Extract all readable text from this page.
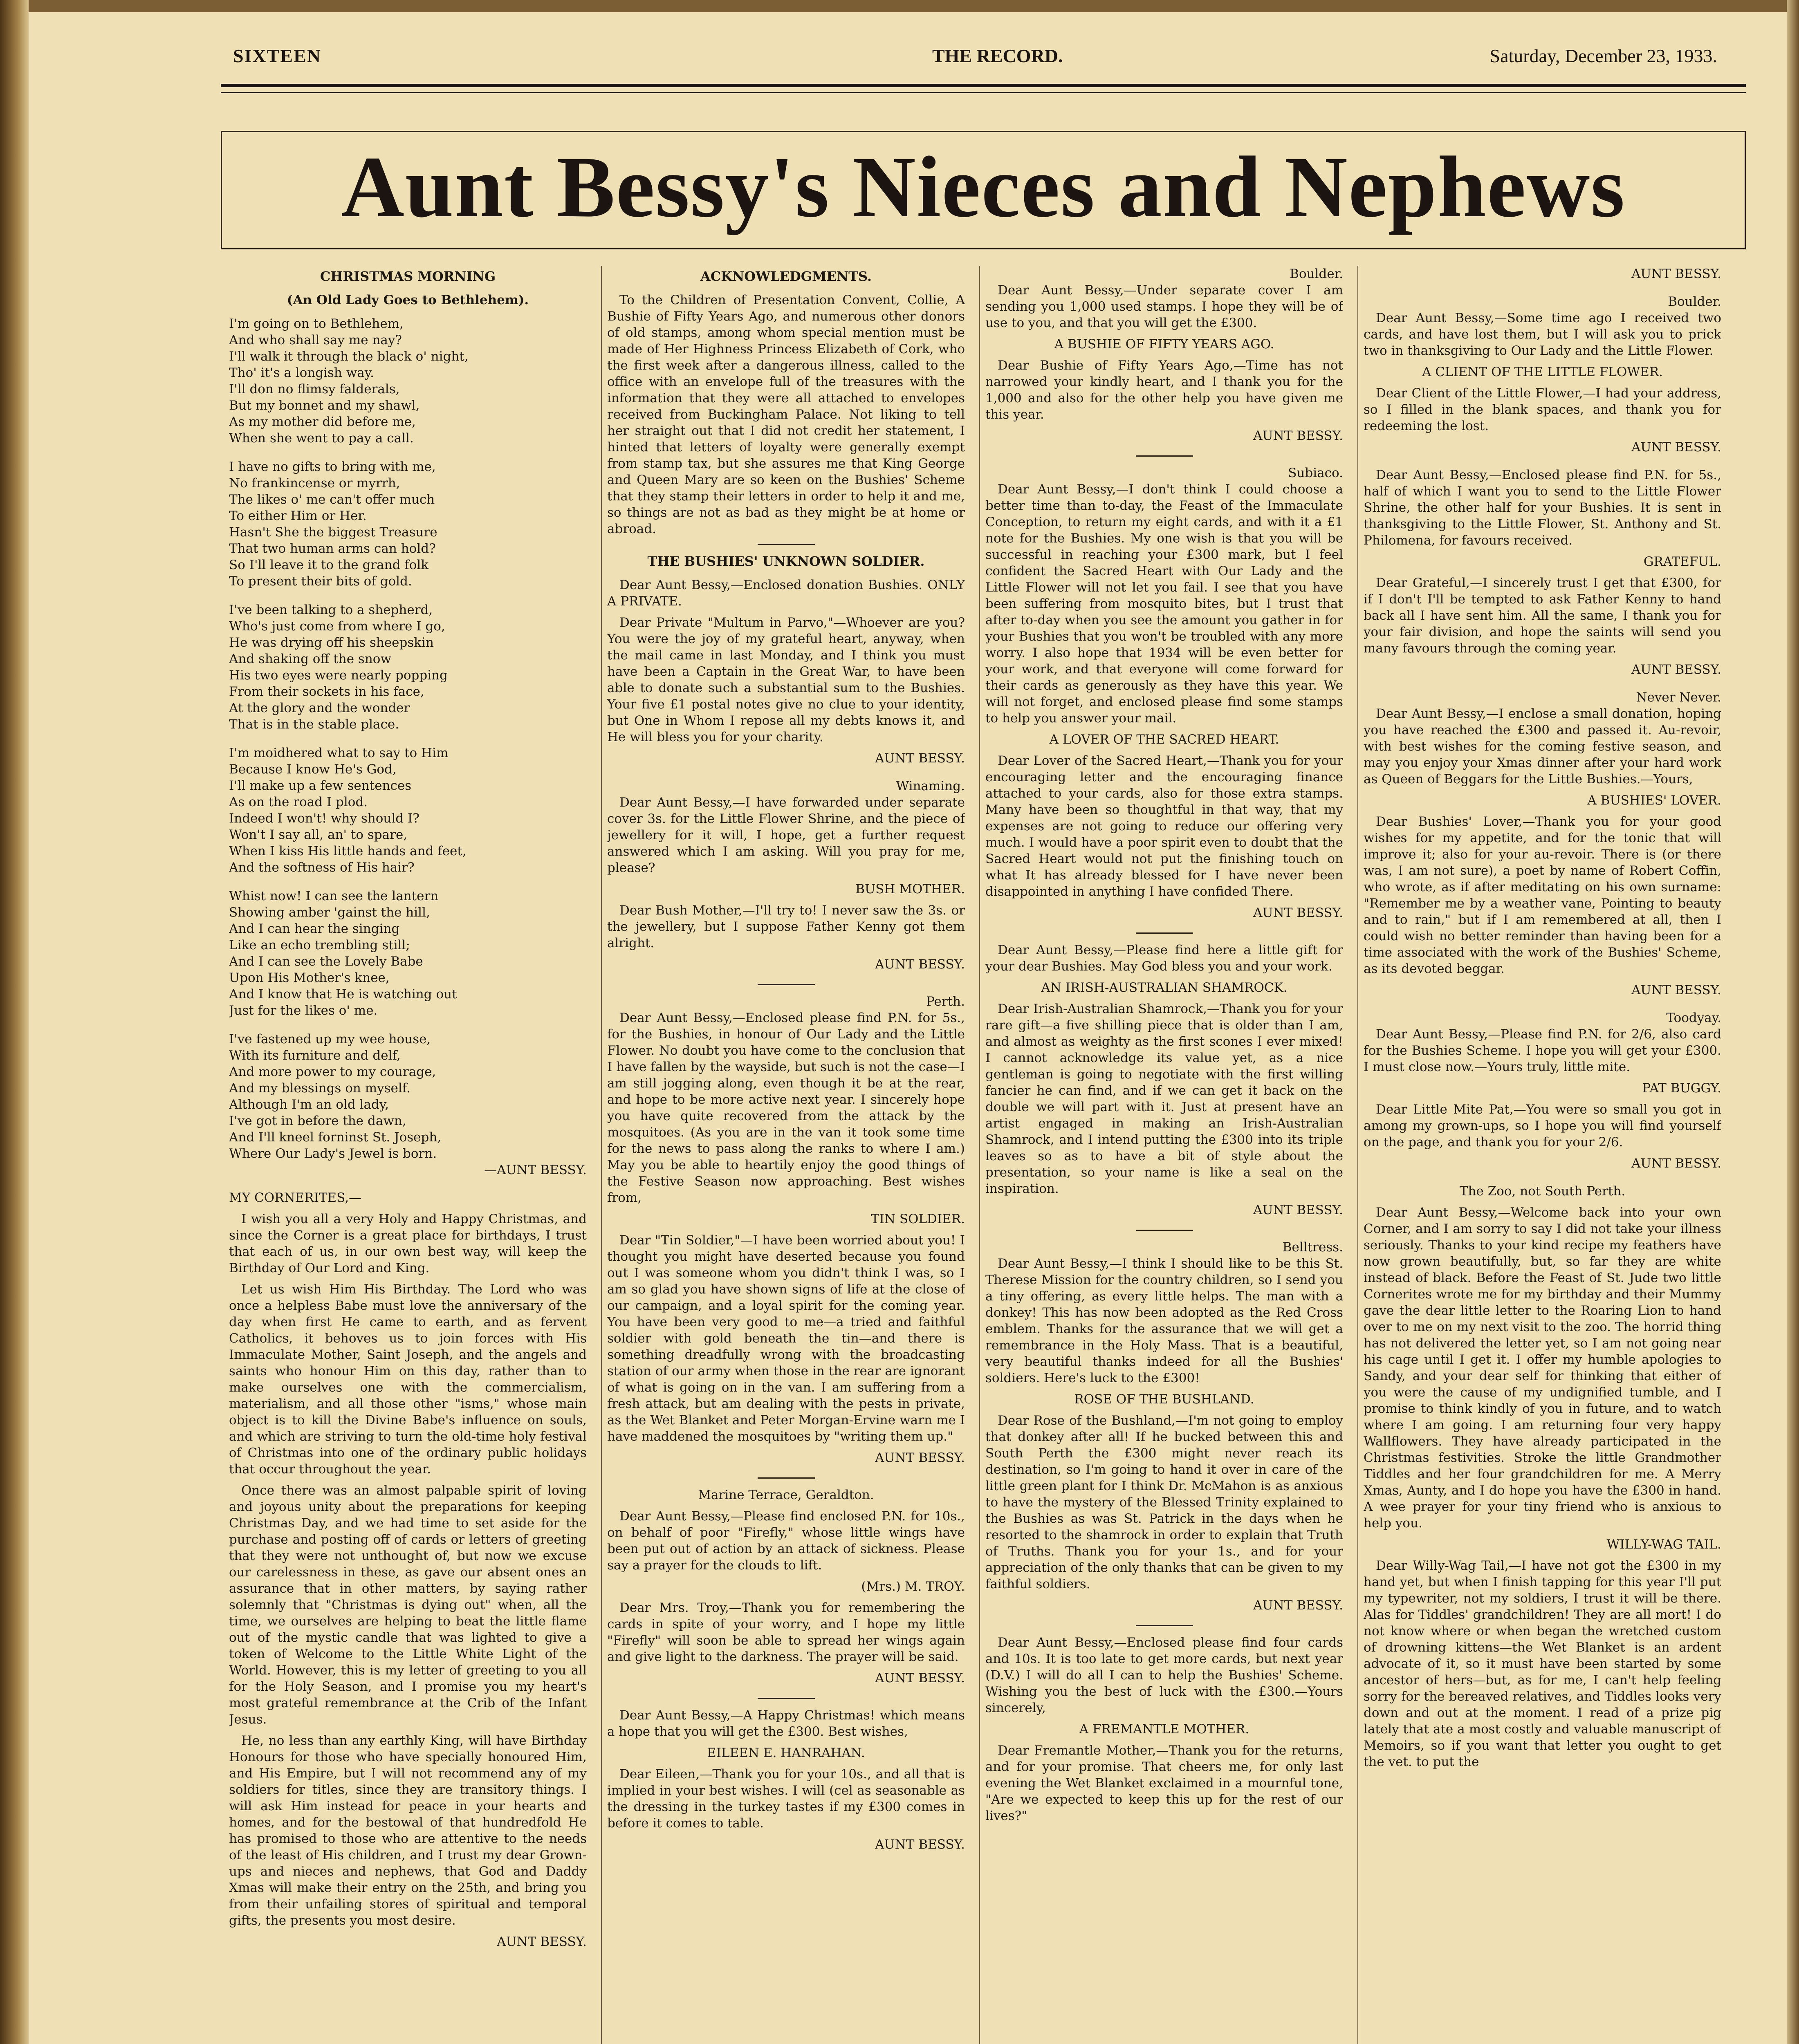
SIXTEEN	THE RECORD.	Saturday, December 23, 1933.
Aunt Bessy's Nieces and Nephews
CHRISTMAS MORNING
(An Old Lady Goes to Bethlehem).
I'm going on to Bethlehem,
And who shall say me nay?
I'll walk it through the black o' night,
Tho' it's a longish way.
I'll don no flimsy falderals,
But my bonnet and my shawl,
As my mother did before me,
When she went to pay a call.
I have no gifts to bring with me,
No frankincense or myrrh,
The likes o' me can't offer much
To either Him or Her.
Hasn't She the biggest Treasure
That two human arms can hold?
So I'll leave it to the grand folk
To present their bits of gold.
I've been talking to a shepherd,
Who's just come from where I go,
He was drying off his sheepskin
And shaking off the snow
His two eyes were nearly popping
From their sockets in his face,
At the glory and the wonder
That is in the stable place.
I'm moidhered what to say to Him
Because I know He's God,
I'll make up a few sentences
As on the road I plod.
Indeed I won't! why should I?
Won't I say all, an' to spare,
When I kiss His little hands and feet,
And the softness of His hair?
Whist now! I can see the lantern
Showing amber 'gainst the hill,
And I can hear the singing
Like an echo trembling still;
And I can see the Lovely Babe
Upon His Mother's knee,
And I know that He is watching out
Just for the likes o' me.
I've fastened up my wee house,
With its furniture and delf,
And more power to my courage,
And my blessings on myself.
Although I'm an old lady,
I've got in before the dawn,
And I'll kneel forninst St. Joseph,
Where Our Lady's Jewel is born.

—AUNT BESSY.

MY CORNERITES,—

I wish you all a very Holy and Happy Christmas, and since the Corner is a great place for birthdays, I trust that each of us, in our own best way, will keep the Birthday of Our Lord and King.

Let us wish Him His Birthday. The Lord who was once a helpless Babe must love the anniversary of the day when first He came to earth, and as fervent Catholics, it behoves us to join forces with His Immaculate Mother, Saint Joseph, and the angels and saints who honour Him on this day, rather than to make ourselves one with the commercialism, materialism, and all those other "isms," whose main object is to kill the Divine Babe's influence on souls, and which are striving to turn the old-time holy festival of Christmas into one of the ordinary public holidays that occur throughout the year.

Once there was an almost palpable spirit of loving and joyous unity about the preparations for keeping Christmas Day, and we had time to set aside for the purchase and posting off of cards or letters of greeting that they were not unthought of, but now we excuse our carelessness in these, as gave our absent ones an assurance that in other matters, by saying rather solemnly that "Christmas is dying out" when, all the time, we ourselves are helping to beat the little flame out of the mystic candle that was lighted to give a token of Welcome to the Little White Light of the World. However, this is my letter of greeting to you all for the Holy Season, and I promise you my heart's most grateful remembrance at the Crib of the Infant Jesus.

He, no less than any earthly King, will have Birthday Honours for those who have specially honoured Him, and His Empire, but I will not recommend any of my soldiers for titles, since they are transitory things. I will ask Him instead for peace in your hearts and homes, and for the bestowal of that hundredfold He has promised to those who are attentive to the needs of the least of His children, and I trust my dear Grown-ups and nieces and nephews, that God and Daddy Xmas will make their entry on the 25th, and bring you from their unfailing stores of spiritual and temporal gifts, the presents you most desire.

AUNT BESSY.

ACKNOWLEDGMENTS.

To the Children of Presentation Convent, Collie, A Bushie of Fifty Years Ago, and numerous other donors of old stamps, among whom special mention must be made of Her Highness Princess Elizabeth of Cork, who the first week after a dangerous illness, called to the office with an envelope full of the treasures with the information that they were all attached to envelopes received from Buckingham Palace. Not liking to tell her straight out that I did not credit her statement, I hinted that letters of loyalty were generally exempt from stamp tax, but she assures me that King George and Queen Mary are so keen on the Bushies' Scheme that they stamp their letters in order to help it and me, so things are not as bad as they might be at home or abroad.

THE BUSHIES' UNKNOWN SOLDIER.

Dear Aunt Bessy,—Enclosed donation Bushies. ONLY A PRIVATE.

Dear Private "Multum in Parvo,"—Whoever are you? You were the joy of my grateful heart, anyway, when the mail came in last Monday, and I think you must have been a Captain in the Great War, to have been able to donate such a substantial sum to the Bushies. Your five £1 postal notes give no clue to your identity, but One in Whom I repose all my debts knows it, and He will bless you for your charity.

AUNT BESSY.

Winaming.

Dear Aunt Bessy,—I have forwarded under separate cover 3s. for the Little Flower Shrine, and the piece of jewellery for it will, I hope, get a further request answered which I am asking. Will you pray for me, please?

BUSH MOTHER.

Dear Bush Mother,—I'll try to! I never saw the 3s. or the jewellery, but I suppose Father Kenny got them alright.

AUNT BESSY.

Perth.

Dear Aunt Bessy,—Enclosed please find P.N. for 5s., for the Bushies, in honour of Our Lady and the Little Flower. No doubt you have come to the conclusion that I have fallen by the wayside, but such is not the case—I am still jogging along, even though it be at the rear, and hope to be more active next year. I sincerely hope you have quite recovered from the attack by the mosquitoes. (As you are in the van it took some time for the news to pass along the ranks to where I am.) May you be able to heartily enjoy the good things of the Festive Season now approaching. Best wishes from,

TIN SOLDIER.

Dear "Tin Soldier,"—I have been worried about you! I thought you might have deserted because you found out I was someone whom you didn't think I was, so I am so glad you have shown signs of life at the close of our campaign, and a loyal spirit for the coming year. You have been very good to me—a tried and faithful soldier with gold beneath the tin—and there is something dreadfully wrong with the broadcasting station of our army when those in the rear are ignorant of what is going on in the van. I am suffering from a fresh attack, but am dealing with the pests in private, as the Wet Blanket and Peter Morgan-Ervine warn me I have maddened the mosquitoes by "writing them up."

AUNT BESSY.

Marine Terrace, Geraldton.

Dear Aunt Bessy,—Please find enclosed P.N. for 10s., on behalf of poor "Firefly," whose little wings have been put out of action by an attack of sickness. Please say a prayer for the clouds to lift.

(Mrs.) M. TROY.

Dear Mrs. Troy,—Thank you for remembering the cards in spite of your worry, and I hope my little "Firefly" will soon be able to spread her wings again and give light to the darkness. The prayer will be said.

AUNT BESSY.

Dear Aunt Bessy,—A Happy Christmas! which means a hope that you will get the £300. Best wishes,

EILEEN E. HANRAHAN.

Dear Eileen,—Thank you for your 10s., and all that is implied in your best wishes. I will (cel as seasonable as the dressing in the turkey tastes if my £300 comes in before it comes to table.

AUNT BESSY.

Boulder.

Dear Aunt Bessy,—Under separate cover I am sending you 1,000 used stamps. I hope they will be of use to you, and that you will get the £300.

A BUSHIE OF FIFTY YEARS AGO.

Dear Bushie of Fifty Years Ago,—Time has not narrowed your kindly heart, and I thank you for the 1,000 and also for the other help you have given me this year.

AUNT BESSY.

Subiaco.

Dear Aunt Bessy,—I don't think I could choose a better time than to-day, the Feast of the Immaculate Conception, to return my eight cards, and with it a £1 note for the Bushies. My one wish is that you will be successful in reaching your £300 mark, but I feel confident the Sacred Heart with Our Lady and the Little Flower will not let you fail. I see that you have been suffering from mosquito bites, but I trust that after to-day when you see the amount you gather in for your Bushies that you won't be troubled with any more worry. I also hope that 1934 will be even better for your work, and that everyone will come forward for their cards as generously as they have this year. We will not forget, and enclosed please find some stamps to help you answer your mail.

A LOVER OF THE SACRED HEART.

Dear Lover of the Sacred Heart,—Thank you for your encouraging letter and the encouraging finance attached to your cards, also for those extra stamps. Many have been so thoughtful in that way, that my expenses are not going to reduce our offering very much. I would have a poor spirit even to doubt that the Sacred Heart would not put the finishing touch on what It has already blessed for I have never been disappointed in anything I have confided There.

AUNT BESSY.

Dear Aunt Bessy,—Please find here a little gift for your dear Bushies. May God bless you and your work.

AN IRISH-AUSTRALIAN SHAMROCK.

Dear Irish-Australian Shamrock,—Thank you for your rare gift—a five shilling piece that is older than I am, and almost as weighty as the first scones I ever mixed! I cannot acknowledge its value yet, as a nice gentleman is going to negotiate with the first willing fancier he can find, and if we can get it back on the double we will part with it. Just at present have an artist engaged in making an Irish-Australian Shamrock, and I intend putting the £300 into its triple leaves so as to have a bit of style about the presentation, so your name is like a seal on the inspiration.

AUNT BESSY.

Belltress.

Dear Aunt Bessy,—I think I should like to be this St. Therese Mission for the country children, so I send you a tiny offering, as every little helps. The man with a donkey! This has now been adopted as the Red Cross emblem. Thanks for the assurance that we will get a remembrance in the Holy Mass. That is a beautiful, very beautiful thanks indeed for all the Bushies' soldiers. Here's luck to the £300!

ROSE OF THE BUSHLAND.

Dear Rose of the Bushland,—I'm not going to employ that donkey after all! If he bucked between this and South Perth the £300 might never reach its destination, so I'm going to hand it over in care of the little green plant for I think Dr. McMahon is as anxious to have the mystery of the Blessed Trinity explained to the Bushies as was St. Patrick in the days when he resorted to the shamrock in order to explain that Truth of Truths. Thank you for your 1s., and for your appreciation of the only thanks that can be given to my faithful soldiers.

AUNT BESSY.

Dear Aunt Bessy,—Enclosed please find four cards and 10s. It is too late to get more cards, but next year (D.V.) I will do all I can to help the Bushies' Scheme. Wishing you the best of luck with the £300.—Yours sincerely,

A FREMANTLE MOTHER.

Dear Fremantle Mother,—Thank you for the returns, and for your promise. That cheers me, for only last evening the Wet Blanket exclaimed in a mournful tone, "Are we expected to keep this up for the rest of our lives?"

AUNT BESSY.

Boulder.

Dear Aunt Bessy,—Some time ago I received two cards, and have lost them, but I will ask you to prick two in thanksgiving to Our Lady and the Little Flower.

A CLIENT OF THE LITTLE FLOWER.

Dear Client of the Little Flower,—I had your address, so I filled in the blank spaces, and thank you for redeeming the lost.

AUNT BESSY.

Dear Aunt Bessy,—Enclosed please find P.N. for 5s., half of which I want you to send to the Little Flower Shrine, the other half for your Bushies. It is sent in thanksgiving to the Little Flower, St. Anthony and St. Philomena, for favours received.

GRATEFUL.

Dear Grateful,—I sincerely trust I get that £300, for if I don't I'll be tempted to ask Father Kenny to hand back all I have sent him. All the same, I thank you for your fair division, and hope the saints will send you many favours through the coming year.

AUNT BESSY.

Never Never.

Dear Aunt Bessy,—I enclose a small donation, hoping you have reached the £300 and passed it. Au-revoir, with best wishes for the coming festive season, and may you enjoy your Xmas dinner after your hard work as Queen of Beggars for the Little Bushies.—Yours,

A BUSHIES' LOVER.

Dear Bushies' Lover,—Thank you for your good wishes for my appetite, and for the tonic that will improve it; also for your au-revoir. There is (or there was, I am not sure), a poet by name of Robert Coffin, who wrote, as if after meditating on his own surname: "Remember me by a weather vane, Pointing to beauty and to rain," but if I am remembered at all, then I could wish no better reminder than having been for a time associated with the work of the Bushies' Scheme, as its devoted beggar.

AUNT BESSY.

Toodyay.

Dear Aunt Bessy,—Please find P.N. for 2/6, also card for the Bushies Scheme. I hope you will get your £300. I must close now.—Yours truly, little mite.

PAT BUGGY.

Dear Little Mite Pat,—You were so small you got in among my grown-ups, so I hope you will find yourself on the page, and thank you for your 2/6.

AUNT BESSY.

The Zoo, not South Perth.

Dear Aunt Bessy,—Welcome back into your own Corner, and I am sorry to say I did not take your illness seriously. Thanks to your kind recipe my feathers have now grown beautifully, but, so far they are white instead of black. Before the Feast of St. Jude two little Cornerites wrote me for my birthday and their Mummy gave the dear little letter to the Roaring Lion to hand over to me on my next visit to the zoo. The horrid thing has not delivered the letter yet, so I am not going near his cage until I get it. I offer my humble apologies to Sandy, and your dear self for thinking that either of you were the cause of my undignified tumble, and I promise to think kindly of you in future, and to watch where I am going. I am returning four very happy Wallflowers. They have already participated in the Christmas festivities. Stroke the little Grandmother Tiddles and her four grandchildren for me. A Merry Xmas, Aunty, and I do hope you have the £300 in hand. A wee prayer for your tiny friend who is anxious to help you.

WILLY-WAG TAIL.

Dear Willy-Wag Tail,—I have not got the £300 in my hand yet, but when I finish tapping for this year I'll put my typewriter, not my soldiers, I trust it will be there. Alas for Tiddles' grandchildren! They are all mort! I do not know where or when began the wretched custom of drowning kittens—the Wet Blanket is an ardent advocate of it, so it must have been started by some ancestor of hers—but, as for me, I can't help feeling sorry for the bereaved relatives, and Tiddles looks very down and out at the moment. I read of a prize pig lately that ate a most costly and valuable manuscript of Memoirs, so if you want that letter you ought to get the vet. to put the
